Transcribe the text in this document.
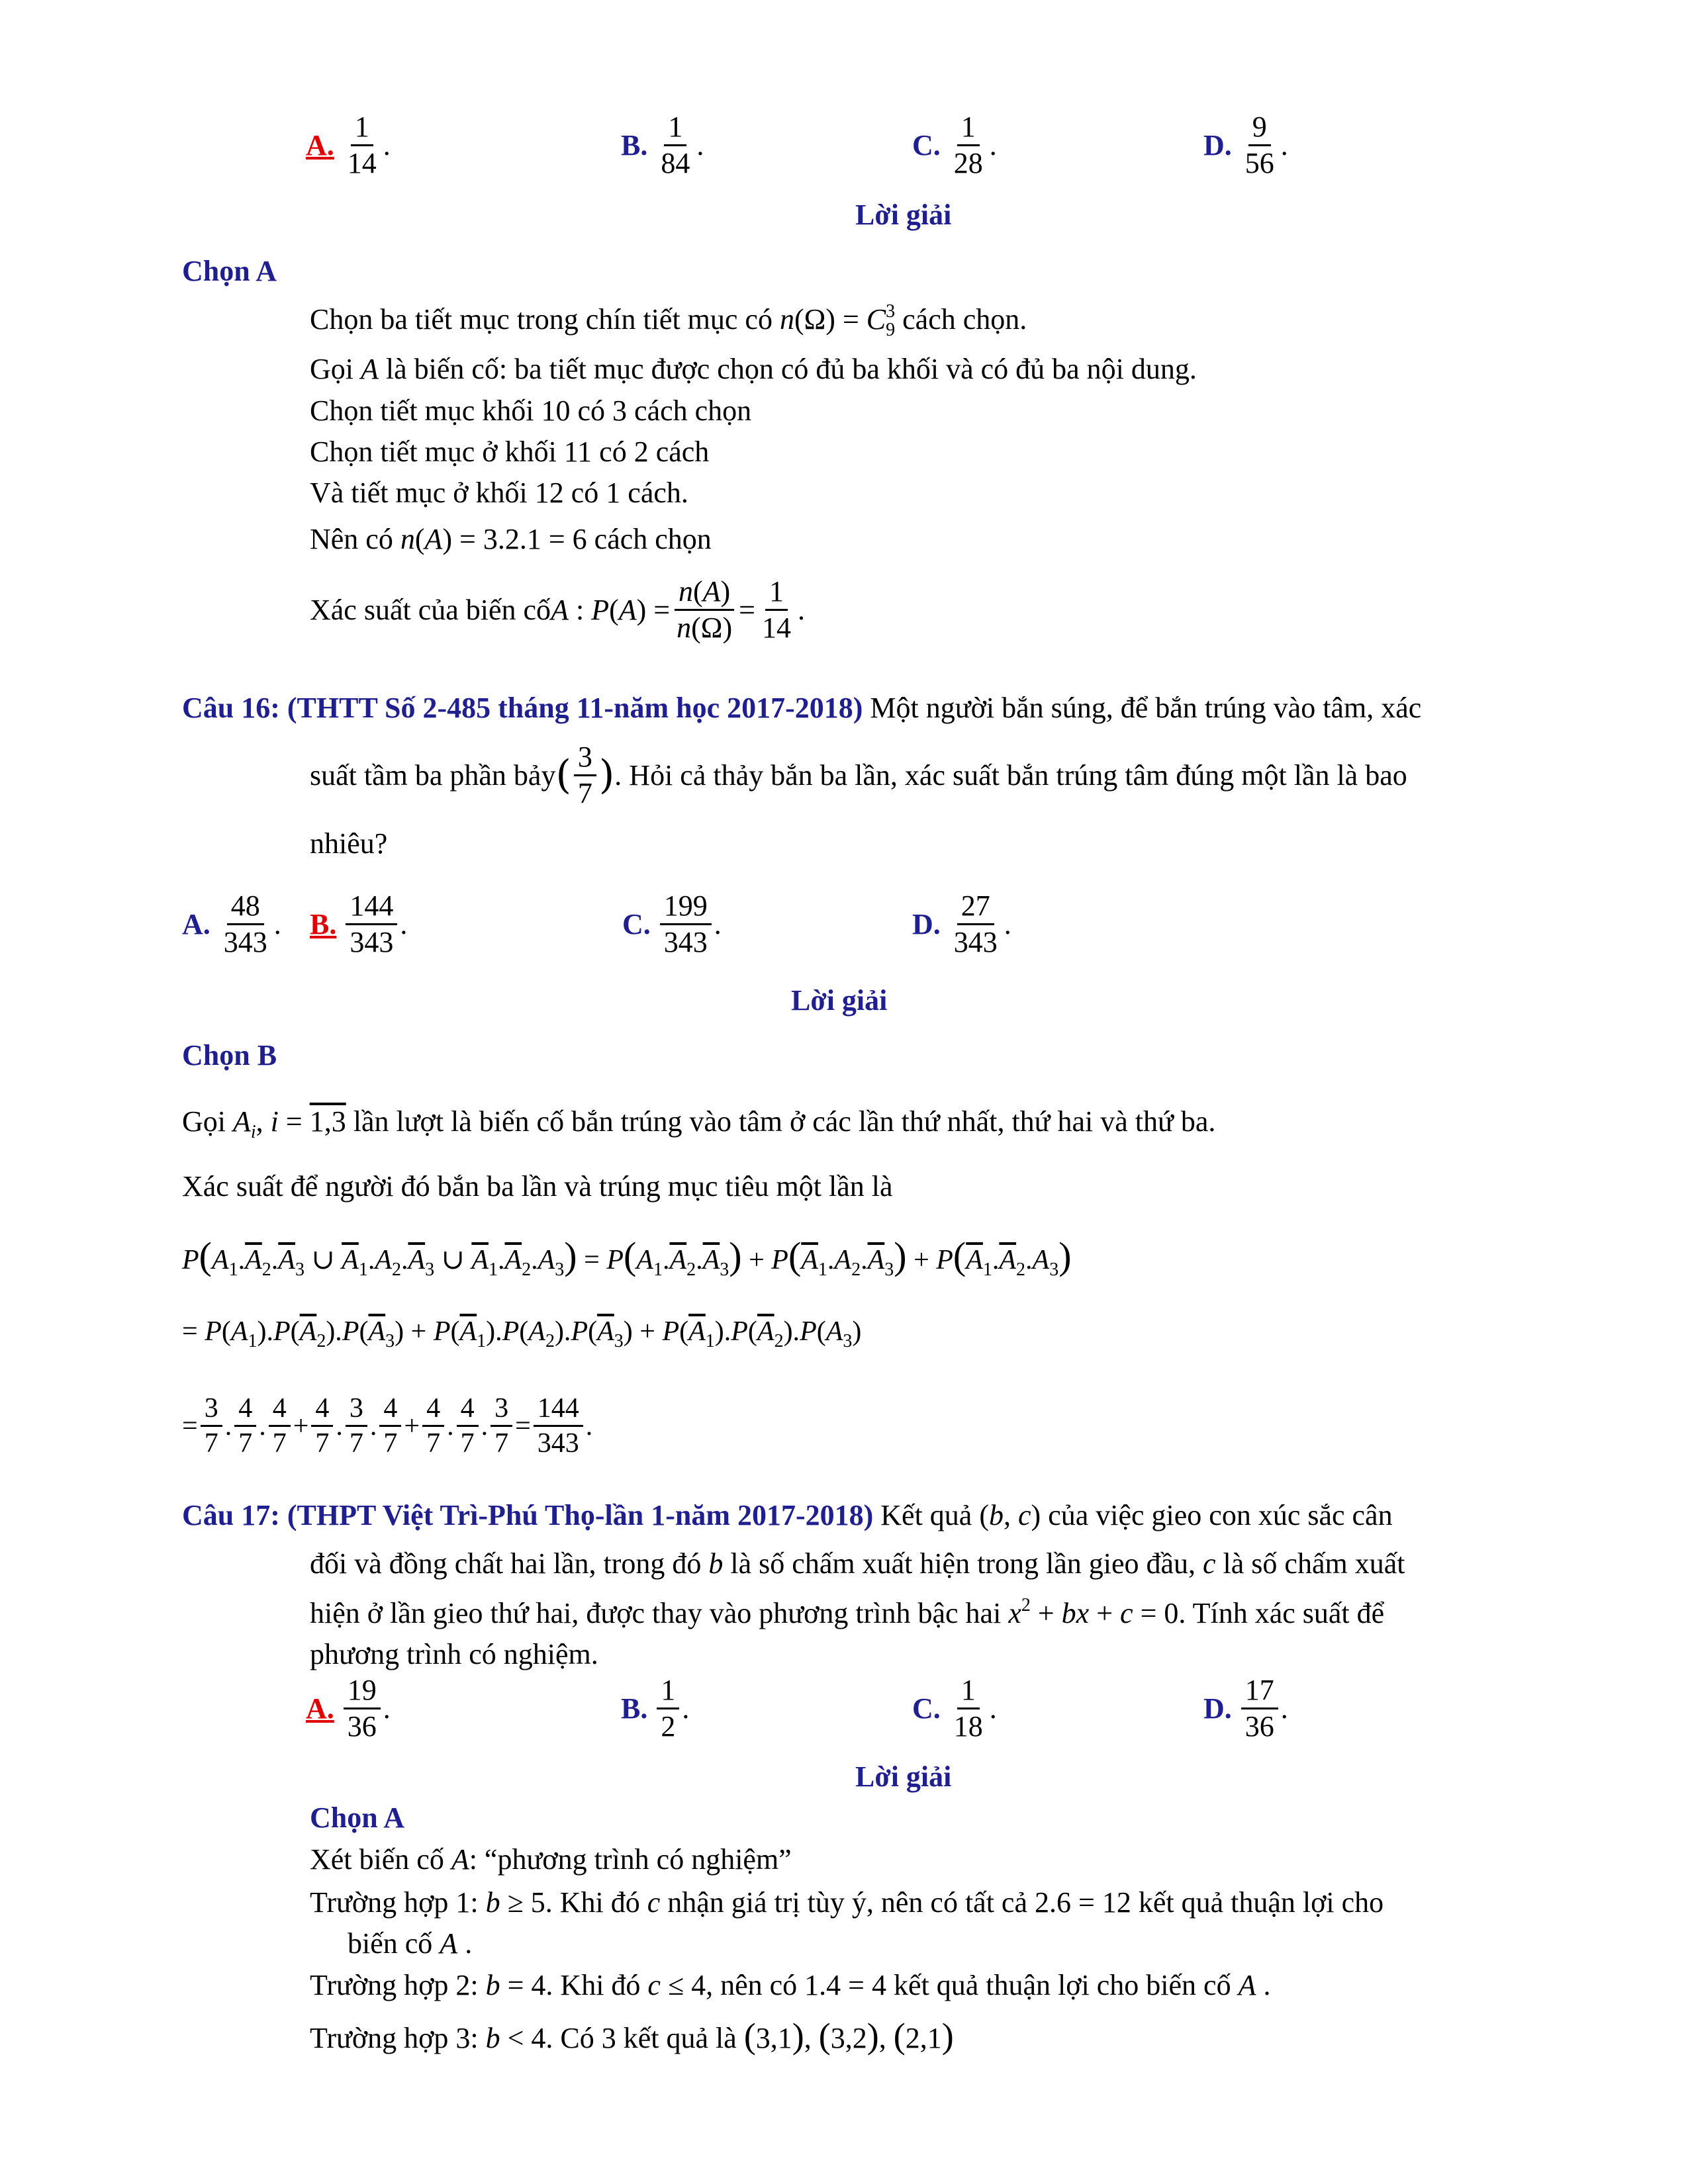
A. $\frac{1}{14}$ .	B. $\frac{1}{84}$ .	C. $\frac{1}{28}$ .	D. $\frac{9}{56}$ .
Lời giải
Chọn A
Chọn ba tiết mục trong chín tiết mục có $n(\Omega) = C_9^3$ cách chọn.
Gọi A là biến cố: ba tiết mục được chọn có đủ ba khối và có đủ ba nội dung.
Chọn tiết mục khối 10 có 3 cách chọn
Chọn tiết mục ở khối 11 có 2 cách
Và tiết mục ở khối 12 có 1 cách.
Nên có n(A) = 3.2.1 = 6 cách chọn
Xác suất của biến cố A : P ( A ) = $\frac{n(A)}{n(\Omega)} = \frac{1}{14}$ .
Câu 16: (THTT Số 2-485 tháng 11-năm học 2017-2018) Một người bắn súng, để bắn trúng vào tâm, xác
suất tầm ba phần bảy ( $\frac{3}{7}$ ) . Hỏi cả thảy bắn ba lần, xác suất bắn trúng tâm đúng một lần là bao
nhiêu?
A. $\frac{48}{343}$ . B. $\frac{144}{343}$ .	C. $\frac{199}{343}$ .	D. $\frac{27}{343}$ .
Lời giải
Chọn B
Gọi $A_i$, i = 1,3 lần lượt là biến cố bắn trúng vào tâm ở các lần thứ nhất, thứ hai và thứ ba.
Xác suất để người đó bắn ba lần và trúng mục tiêu một lần là
$P(A_1.\overline{A}_2.\overline{A}_3$ ∪ $\overline{A}_1.A_2.\overline{A}_3$ ∪ $\overline{A}_1.\overline{A}_2.A_3) = P(A_1.\overline{A}_2.\overline{A}_3) + P(\overline{A}_1.A_2.\overline{A}_3) + P(\overline{A}_1.\overline{A}_2.A_3)$
= $P(A_1).P(\overline{A}_2).P(\overline{A}_3) + P(\overline{A}_1).P(A_2).P(\overline{A}_3) + P(\overline{A}_1).P(\overline{A}_2).P(A_3)$
= $\frac{3}{7}$ . $\frac{4}{7}$ . $\frac{4}{7} + \frac{4}{7}$ . $\frac{3}{7}$ . $\frac{4}{7} + \frac{4}{7}$ . $\frac{4}{7}$ . $\frac{3}{7} = \frac{144}{343}$ .
Câu 17: (THPT Việt Trì-Phú Thọ-lần 1-năm 2017-2018) Kết quả (b, c) của việc gieo con xúc sắc cân
đối và đồng chất hai lần, trong đó b là số chấm xuất hiện trong lần gieo đầu, c là số chấm xuất
hiện ở lần gieo thứ hai, được thay vào phương trình bậc hai $x^2$ + bx + c = 0. Tính xác suất để
phương trình có nghiệm.
A. $\frac{19}{36}$ .	B. $\frac{1}{2}$ .	C. $\frac{1}{18}$ .	D. $\frac{17}{36}$ .
Lời giải
Chọn A
Xét biến cố A: “phương trình có nghiệm”
Trường hợp 1: b ≥ 5. Khi đó c nhận giá trị tùy ý, nên có tất cả 2.6 = 12 kết quả thuận lợi cho
biến cố A .
Trường hợp 2: b = 4. Khi đó c ≤ 4, nên có 1.4 = 4 kết quả thuận lợi cho biến cố A .
Trường hợp 3: b < 4. Có 3 kết quả là (3,1), (3,2), (2,1)
